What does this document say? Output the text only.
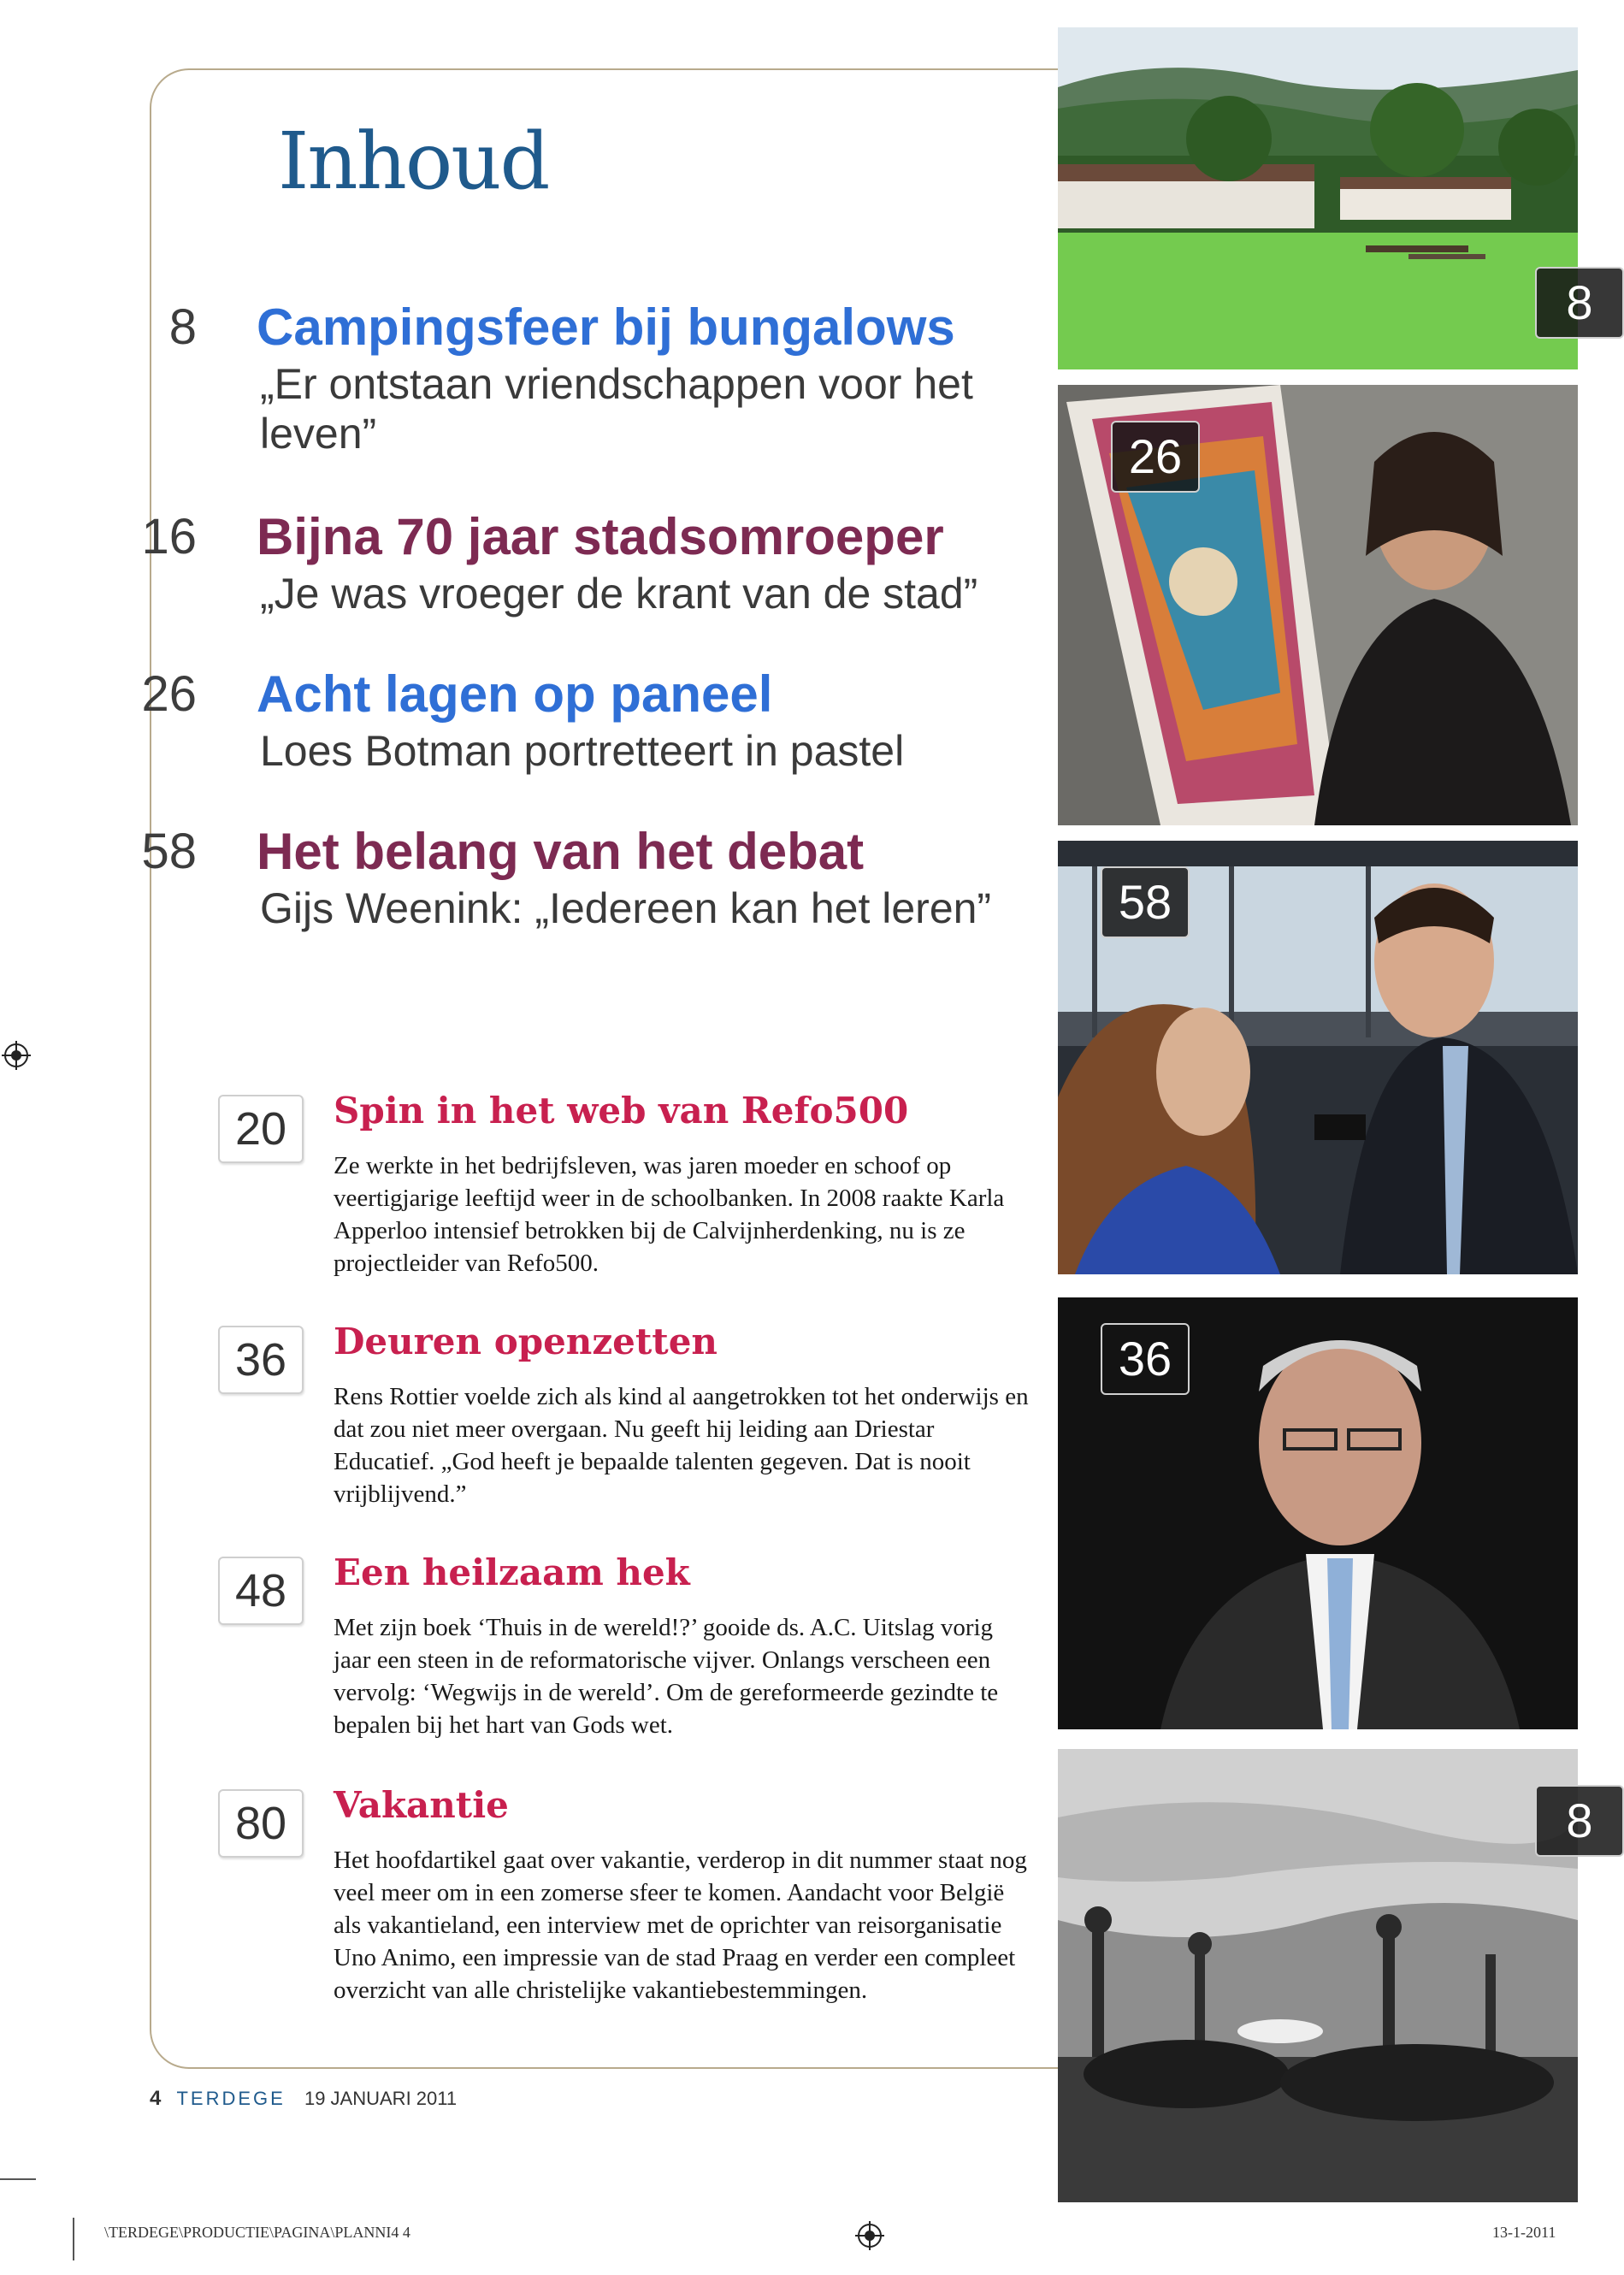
Inhoud
8 Campingsfeer bij bungalows
„Er ontstaan vriendschappen voor het leven”
16 Bijna 70 jaar stadsomroeper
„Je was vroeger de krant van de stad”
26 Acht lagen op paneel
Loes Botman portretteert in pastel
58 Het belang van het debat
Gijs Weenink: „Iedereen kan het leren”
20	Spin in het web van Refo500
Ze werkte in het bedrijfsleven, was jaren moeder en schoof op veertigjarige leeftijd weer in de schoolbanken. In 2008 raakte Karla Apperloo intensief betrokken bij de Calvijnherdenking, nu is ze projectleider van Refo500.
36	Deuren openzetten
Rens Rottier voelde zich als kind al aangetrokken tot het onderwijs en dat zou niet meer overgaan. Nu geeft hij leiding aan Driestar Educatief. „God heeft je bepaalde talenten gegeven. Dat is nooit vrijblijvend.”
48	Een heilzaam hek
Met zijn boek ‘Thuis in de wereld!?’ gooide ds. A.C. Uitslag vorig jaar een steen in de reformatorische vijver. Onlangs verscheen een vervolg: ‘Wegwijs in de wereld’. Om de gereformeerde gezindte te bepalen bij het hart van Gods wet.
80	Vakantie
Het hoofdartikel gaat over vakantie, verderop in dit nummer staat nog veel meer om in een zomerse sfeer te komen. Aandacht voor België als vakantieland, een interview met de oprichter van reisorganisatie Uno Animo, een impressie van de stad Praag en verder een compleet overzicht van alle christelijke vakantiebestemmingen.
8
26
58
36
8
4 TERDEGE 19 JANUARI 2011
\TERDEGE\PRODUCTIE\PAGINA\PLANNI4 4	13-1-2011
